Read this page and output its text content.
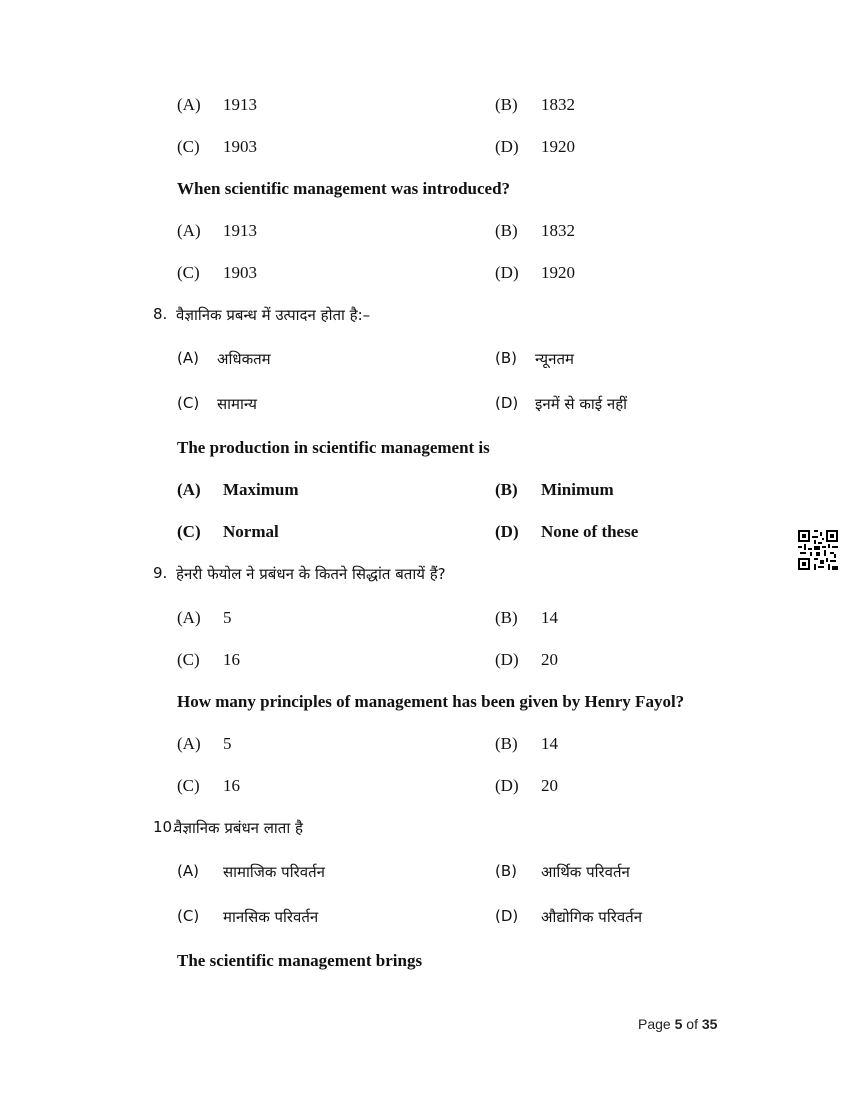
(A) 1913	(B) 1832
(C) 1903	(D) 1920
When scientific management was introduced?
(A) 1913	(B) 1832
(C) 1903	(D) 1920
8. वैज्ञानिक प्रबन्ध में उत्पादन होता है:–
(A) अधिकतम	(B) न्यूनतम
(C) सामान्य	(D) इनमें से काई नहीं
The production in scientific management is
(A) Maximum	(B) Minimum
(C) Normal	(D) None of these
9. हेनरी फेयोल ने प्रबंधन के कितने सिद्धांत बतायें हैं?
(A) 5	(B) 14
(C) 16	(D) 20
How many principles of management has been given by Henry Fayol?
(A) 5	(B) 14
(C) 16	(D) 20
10.
वैज्ञानिक प्रबंधन लाता है
(A) सामाजिक परिवर्तन	(B) आर्थिक परिवर्तन
(C) मानसिक परिवर्तन	(D) औद्योगिक परिवर्तन
The scientific management brings
Page 5 of 35
